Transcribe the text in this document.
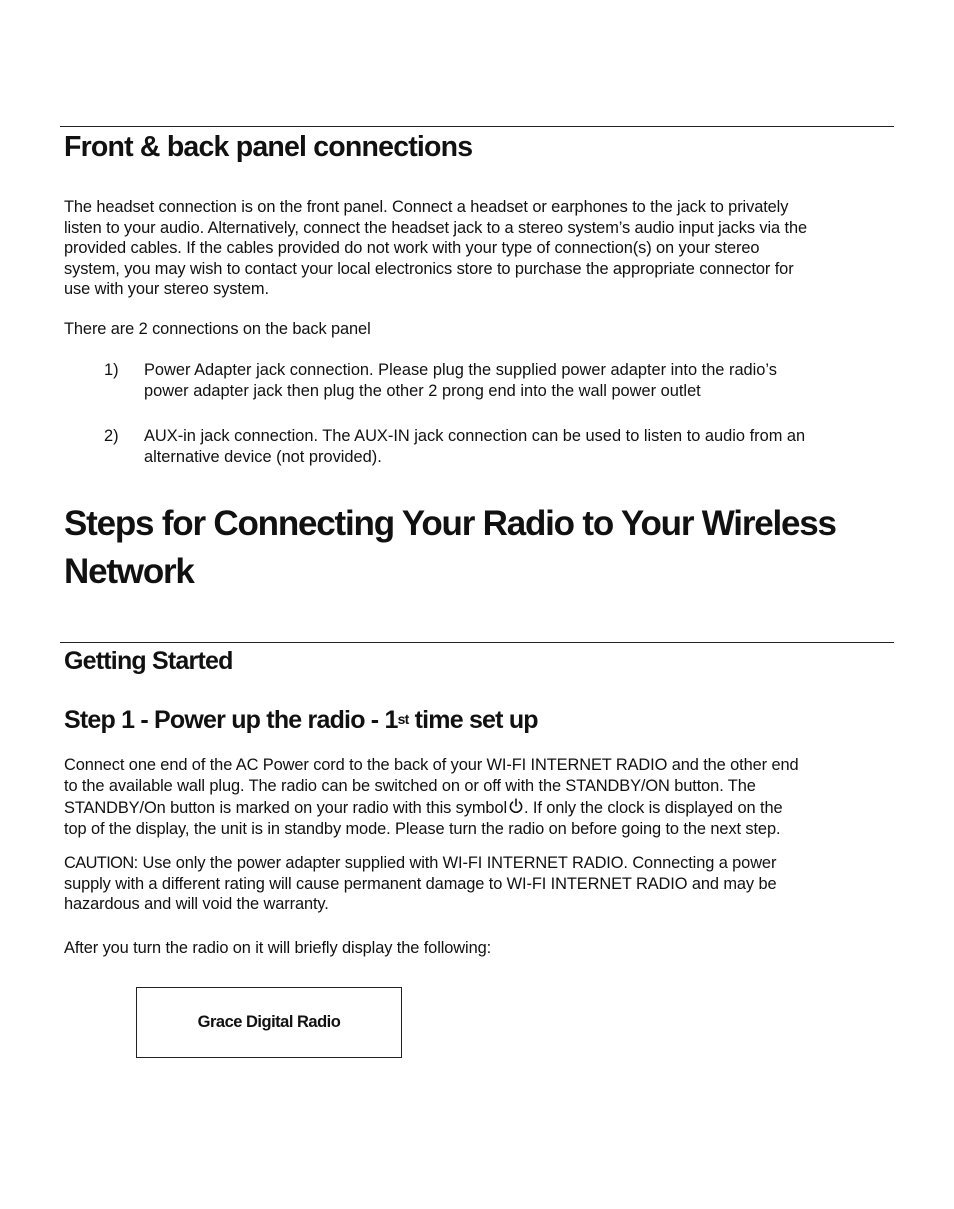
Front & back panel connections
The headset connection is on the front panel. Connect a headset or earphones to the jack to privately
listen to your audio. Alternatively, connect the headset jack to a stereo system’s audio input jacks via the
provided cables. If the cables provided do not work with your type of connection(s) on your stereo
system, you may wish to contact your local electronics store to purchase the appropriate connector for
use with your stereo system.
There are 2 connections on the back panel
1) Power Adapter jack connection. Please plug the supplied power adapter into the radio’s
power adapter jack then plug the other 2 prong end into the wall power outlet
2) AUX-in jack connection. The AUX-IN jack connection can be used to listen to audio from an
alternative device (not provided).
Steps for Connecting Your Radio to Your Wireless
Network
Getting Started
Step 1 - Power up the radio - 1st time set up
Connect one end of the AC Power cord to the back of your WI-FI INTERNET RADIO and the other end
to the available wall plug. The radio can be switched on or off with the STANDBY/ON button. The
STANDBY/On button is marked on your radio with this symbol . If only the clock is displayed on the
top of the display, the unit is in standby mode. Please turn the radio on before going to the next step.
CAUTION: Use only the power adapter supplied with WI-FI INTERNET RADIO. Connecting a power
supply with a different rating will cause permanent damage to WI-FI INTERNET RADIO and may be
hazardous and will void the warranty.
After you turn the radio on it will briefly display the following:
Grace Digital Radio
